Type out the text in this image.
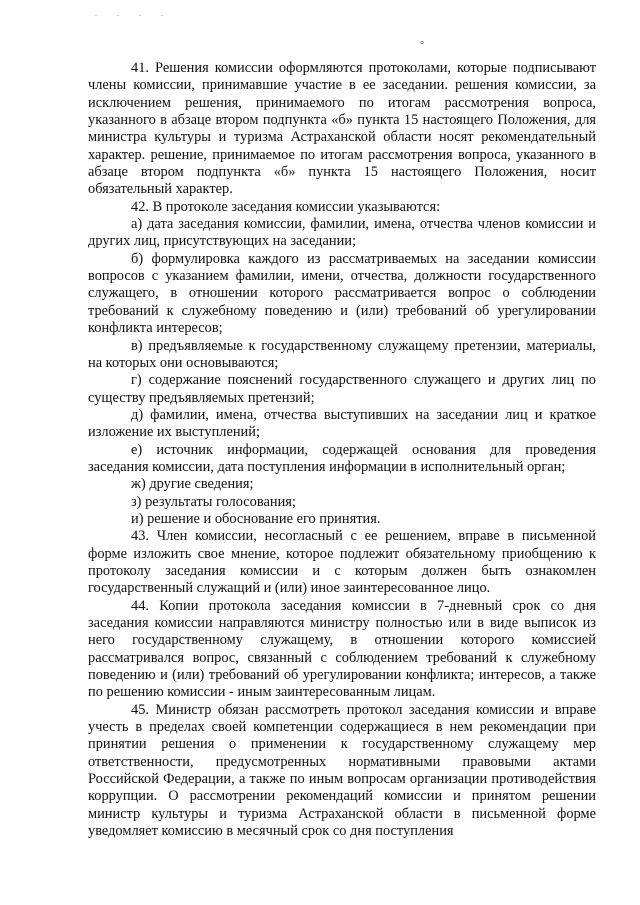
. . . .
°

41. Решения комиссии оформляются протоколами, которые подписывают члены комиссии, принимавшие участие в ее заседании. решения комиссии, за исключением решения, принимаемого по итогам рассмотрения вопроса, указанного в абзаце втором подпункта «б» пункта 15 настоящего Положения, для министра культуры и туризма Астраханской области носят рекомендательный характер. решение, принимаемое по итогам рассмотрения вопроса, указанного в абзаце втором подпункта «б» пункта 15 настоящего Положения, носит обязательный характер.

42. В протоколе заседания комиссии указываются:

а) дата заседания комиссии, фамилии, имена, отчества членов комиссии и других лиц, присутствующих на заседании;

б) формулировка каждого из рассматриваемых на заседании комиссии вопросов с указанием фамилии, имени, отчества, должности государственного служащего, в отношении которого рассматривается вопрос о соблюдении требований к служебному поведению и (или) требований об урегулировании конфликта интересов;

в) предъявляемые к государственному служащему претензии, материалы, на которых они основываются;

г) содержание пояснений государственного служащего и других лиц по существу предъявляемых претензий;

д) фамилии, имена, отчества выступивших на заседании лиц и краткое изложение их выступлений;

е) источник информации, содержащей основания для проведения заседания комиссии, дата поступления информации в исполнительный орган;

ж) другие сведения;

з) результаты голосования;

и) решение и обоснование его принятия.

43. Член комиссии, несогласный с ее решением, вправе в письменной форме изложить свое мнение, которое подлежит обязательному приобщению к протоколу заседания комиссии и с которым должен быть ознакомлен государственный служащий и (или) иное заинтересованное лицо.

44. Копии протокола заседания комиссии в 7-дневный срок со дня заседания комиссии направляются министру полностью или в виде выписок из него государственному служащему, в отношении которого комиссией рассматривался вопрос, связанный с соблюдением требований к служебному поведению и (или) требований об урегулировании конфликта; интересов, а также по решению комиссии - иным заинтересованным лицам.

45. Министр обязан рассмотреть протокол заседания комиссии и вправе учесть в пределах своей компетенции содержащиеся в нем рекомендации при принятии решения о применении к государственному служащему мер ответственности, предусмотренных нормативными правовыми актами Российской Федерации, а также по иным вопросам организации противодействия коррупции. О рассмотрении рекомендаций комиссии и принятом решении министр культуры и туризма Астраханской области в письменной форме уведомляет комиссию в месячный срок со дня поступления
